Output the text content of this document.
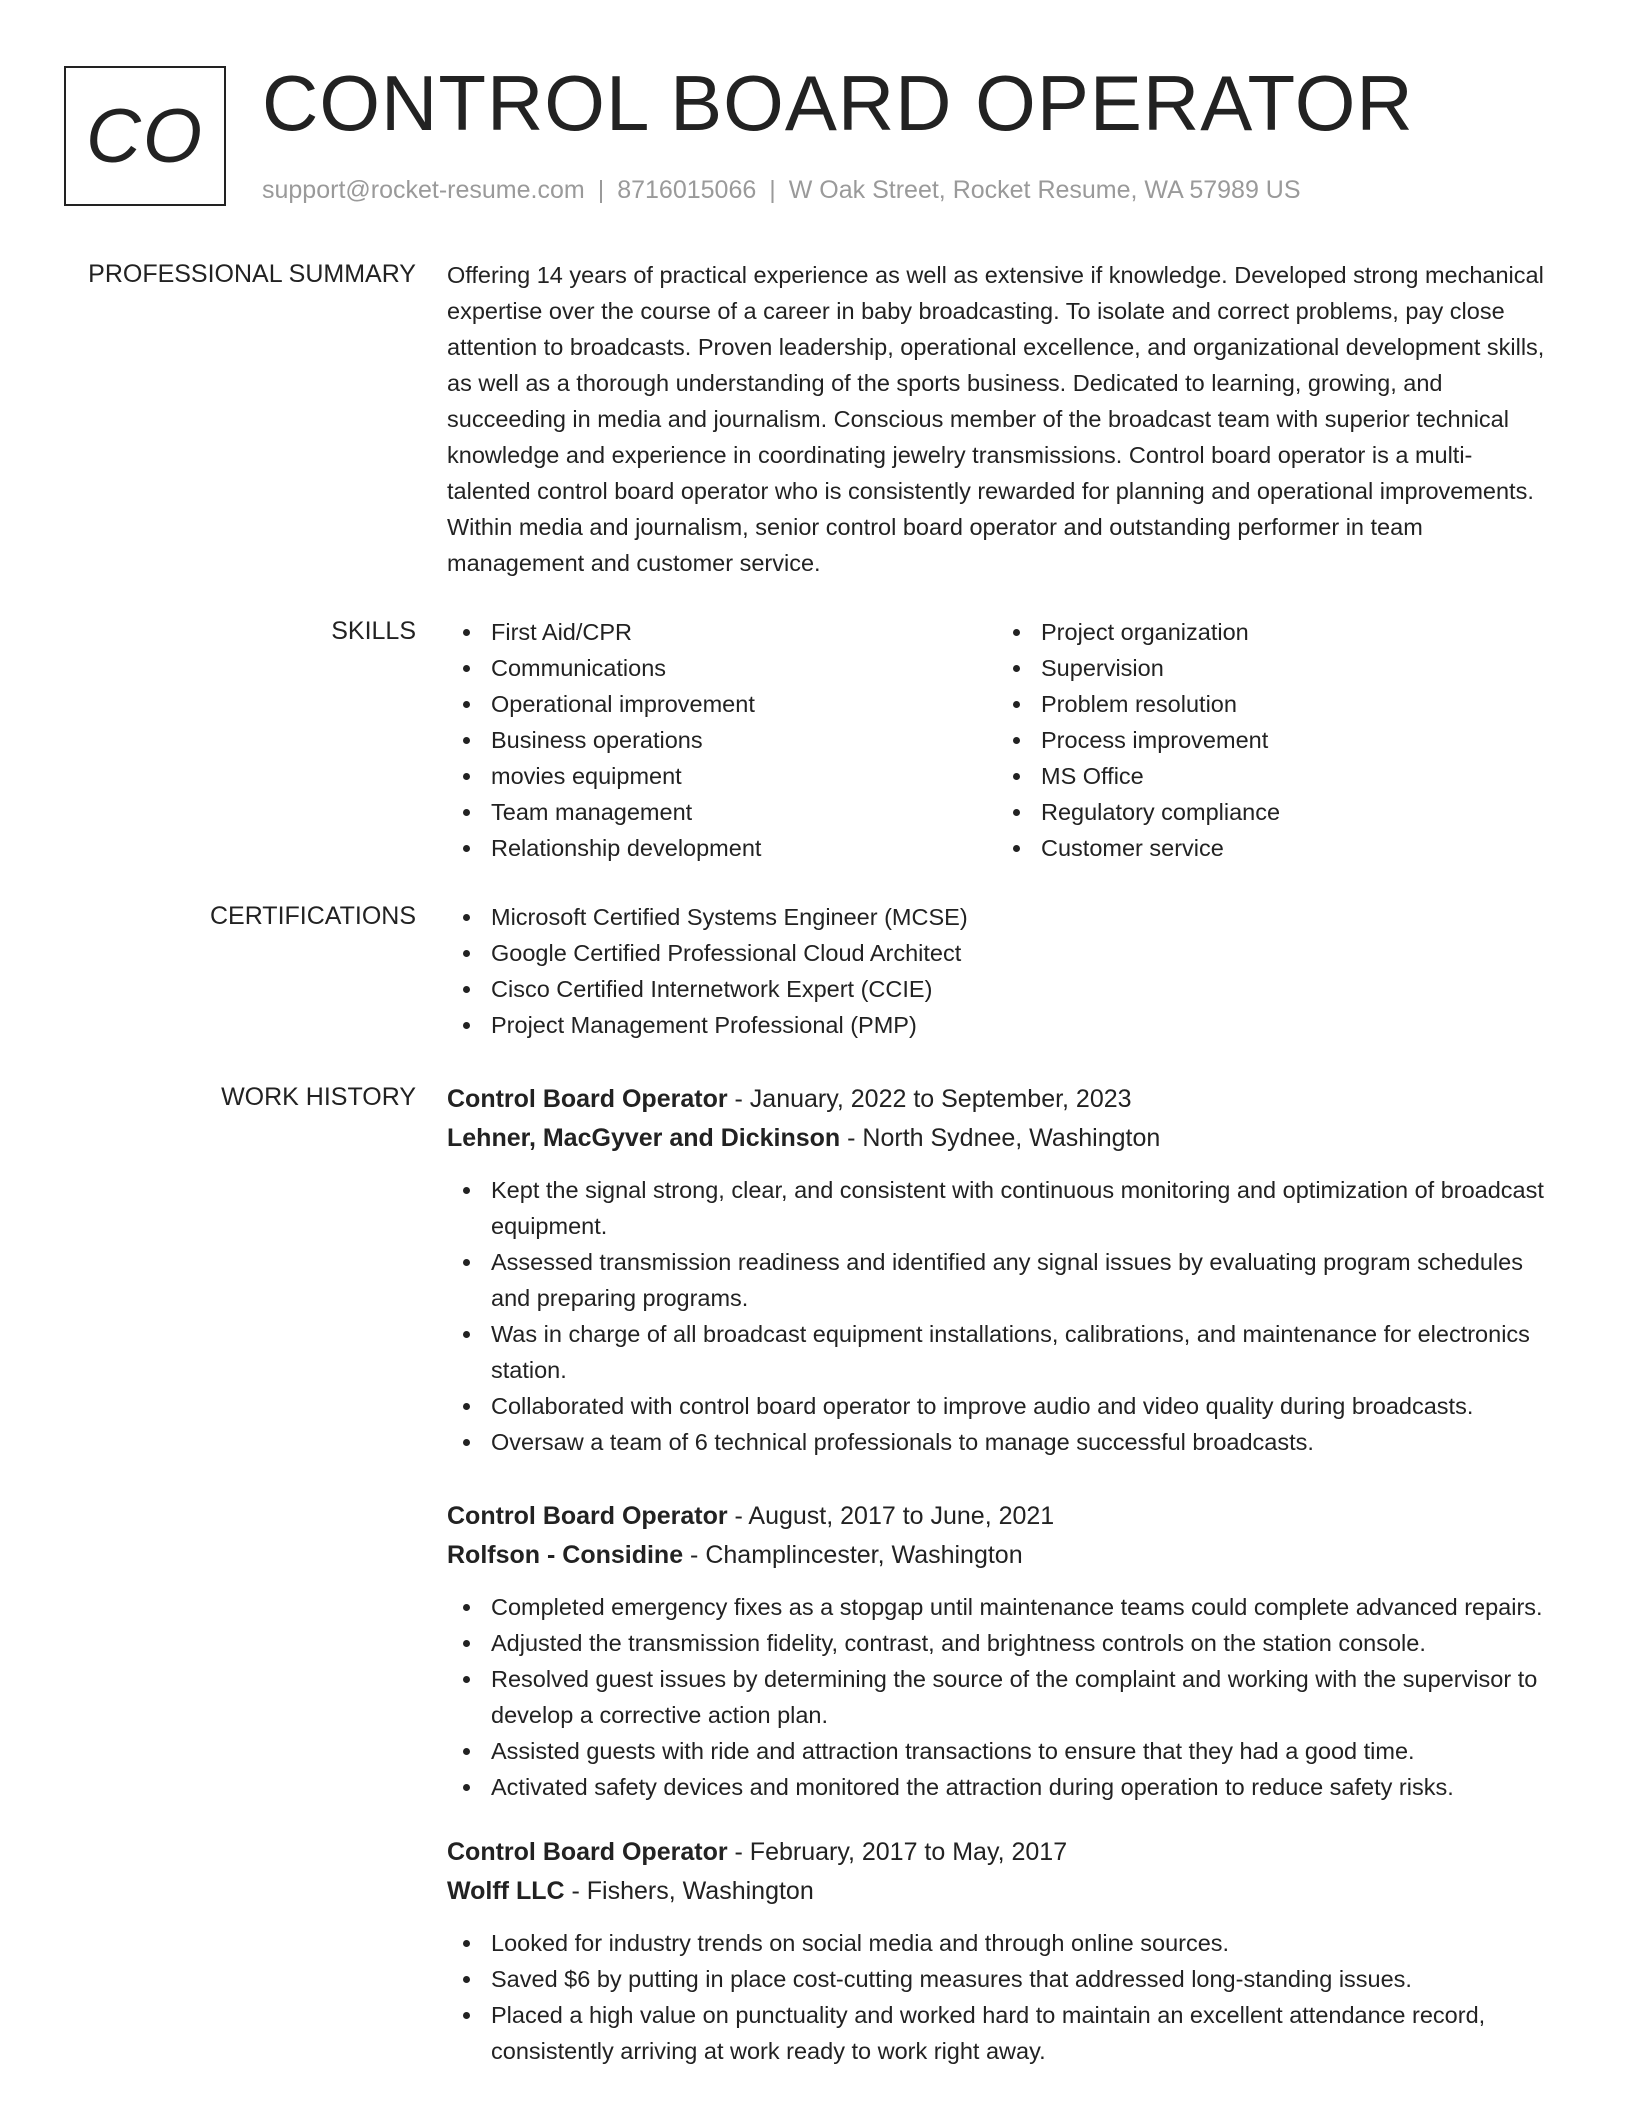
CO CONTROL BOARD OPERATOR
support@rocket-resume.com | 8716015066 | W Oak Street, Rocket Resume, WA 57989 US
PROFESSIONAL SUMMARY Offering 14 years of practical experience as well as extensive if knowledge. Developed strong mechanical expertise over the course of a career in baby broadcasting. To isolate and correct problems, pay close attention to broadcasts. Proven leadership, operational excellence, and organizational development skills, as well as a thorough understanding of the sports business. Dedicated to learning, growing, and succeeding in media and journalism. Conscious member of the broadcast team with superior technical knowledge and experience in coordinating jewelry transmissions. Control board operator is a multi-talented control board operator who is consistently rewarded for planning and operational improvements. Within media and journalism, senior control board operator and outstanding performer in team management and customer service.

SKILLS	First Aid/CPR
Communications
Operational improvement
Business operations
movies equipment
Team management
Relationship development
Project organization
Supervision
Problem resolution
Process improvement
MS Office
Regulatory compliance
Customer service
CERTIFICATIONS	Microsoft Certified Systems Engineer (MCSE)
Google Certified Professional Cloud Architect
Cisco Certified Internetwork Expert (CCIE)
Project Management Professional (PMP)
WORK HISTORY Control Board Operator - January, 2022 to September, 2023
Lehner, MacGyver and Dickinson - North Sydnee, Washington
Kept the signal strong, clear, and consistent with continuous monitoring and optimization of broadcast equipment.
Assessed transmission readiness and identified any signal issues by evaluating program schedules and preparing programs.
Was in charge of all broadcast equipment installations, calibrations, and maintenance for electronics station.
Collaborated with control board operator to improve audio and video quality during broadcasts.
Oversaw a team of 6 technical professionals to manage successful broadcasts.
Control Board Operator - August, 2017 to June, 2021
Rolfson - Considine - Champlincester, Washington
Completed emergency fixes as a stopgap until maintenance teams could complete advanced repairs.
Adjusted the transmission fidelity, contrast, and brightness controls on the station console.
Resolved guest issues by determining the source of the complaint and working with the supervisor to develop a corrective action plan.
Assisted guests with ride and attraction transactions to ensure that they had a good time.
Activated safety devices and monitored the attraction during operation to reduce safety risks.
Control Board Operator - February, 2017 to May, 2017
Wolff LLC - Fishers, Washington
Looked for industry trends on social media and through online sources.
Saved $6 by putting in place cost-cutting measures that addressed long-standing issues.
Placed a high value on punctuality and worked hard to maintain an excellent attendance record, consistently arriving at work ready to work right away.
